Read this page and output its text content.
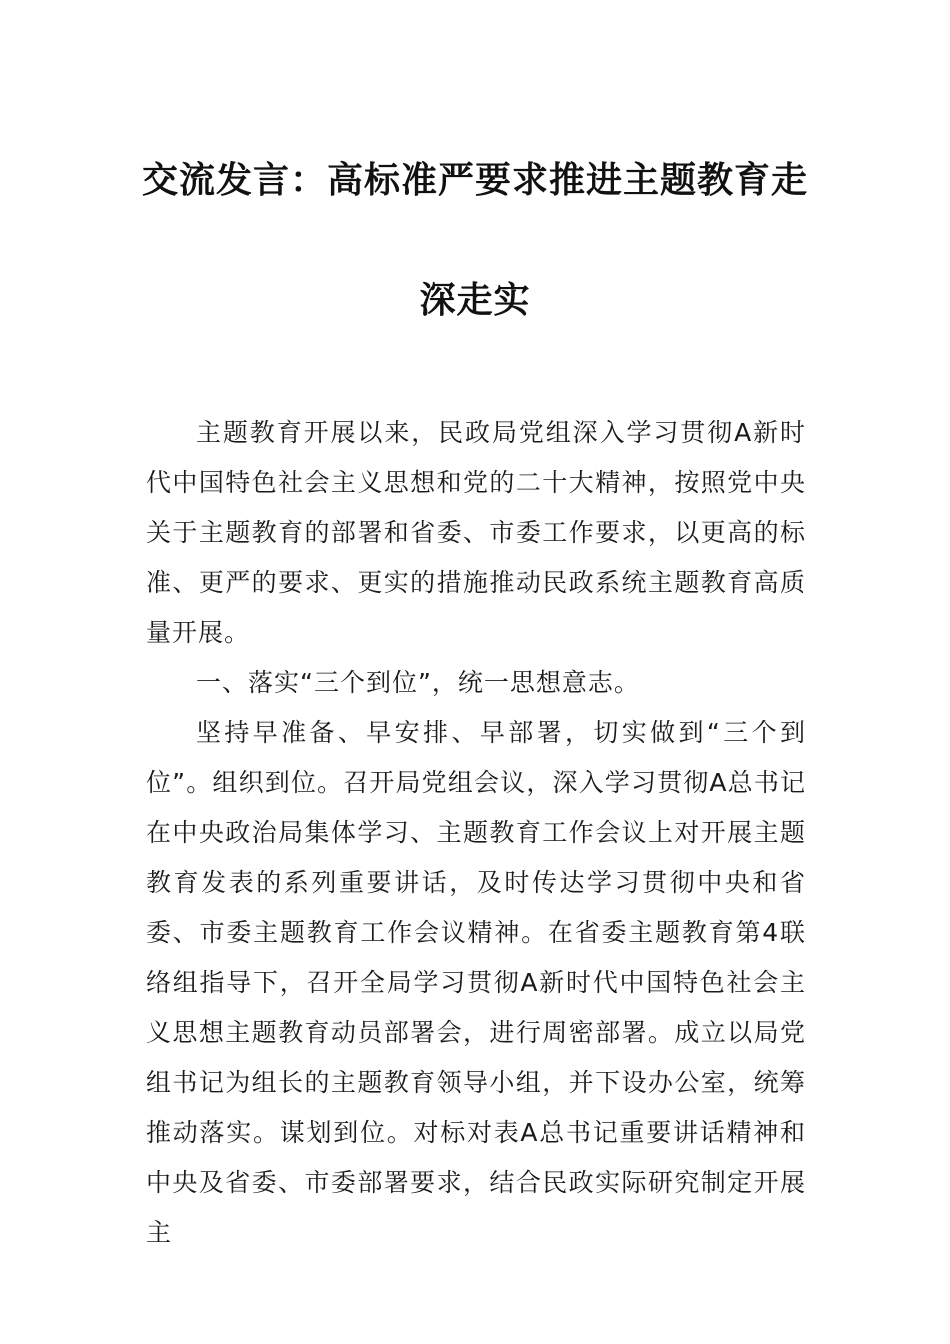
交流发言：高标准严要求推进主题教育走
深走实

主题教育开展以来，民政局党组深入学习贯彻A新时代中国特色社会主义思想和党的二十大精神，按照党中央关于主题教育的部署和省委、市委工作要求，以更高的标准、更严的要求、更实的措施推动民政系统主题教育高质量开展。

一、落实“三个到位”，统一思想意志。

坚持早准备、早安排、早部署，切实做到“三个到位”。组织到位。召开局党组会议，深入学习贯彻A总书记在中央政治局集体学习、主题教育工作会议上对开展主题教育发表的系列重要讲话，及时传达学习贯彻中央和省委、市委主题教育工作会议精神。在省委主题教育第4联络组指导下，召开全局学习贯彻A新时代中国特色社会主义思想主题教育动员部署会，进行周密部署。成立以局党组书记为组长的主题教育领导小组，并下设办公室，统筹推动落实。谋划到位。对标对表A总书记重要讲话精神和中央及省委、市委部署要求，结合民政实际研究制定开展主
